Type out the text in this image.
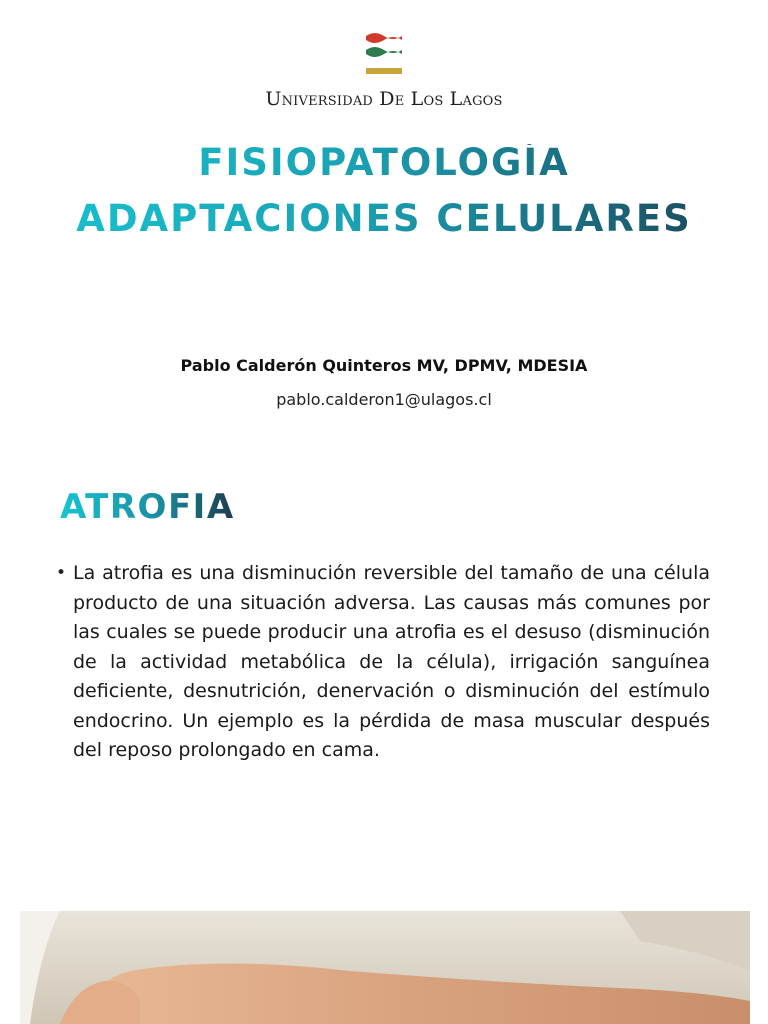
Universidad De Los Lagos
FISIOPATOLOGÍA
ADAPTACIONES CELULARES
Pablo Calderón Quinteros MV, DPMV, MDESIA
pablo.calderon1@ulagos.cl
ATROFIA
• La atrofia es una disminución reversible del tamaño de una célula producto de una situación adversa. Las causas más comunes por las cuales se puede producir una atrofia es el desuso (disminución de la actividad metabólica de la célula), irrigación sanguínea deficiente, desnutrición, denervación o disminución del estímulo endocrino. Un ejemplo es la pérdida de masa muscular después del reposo prolongado en cama.
